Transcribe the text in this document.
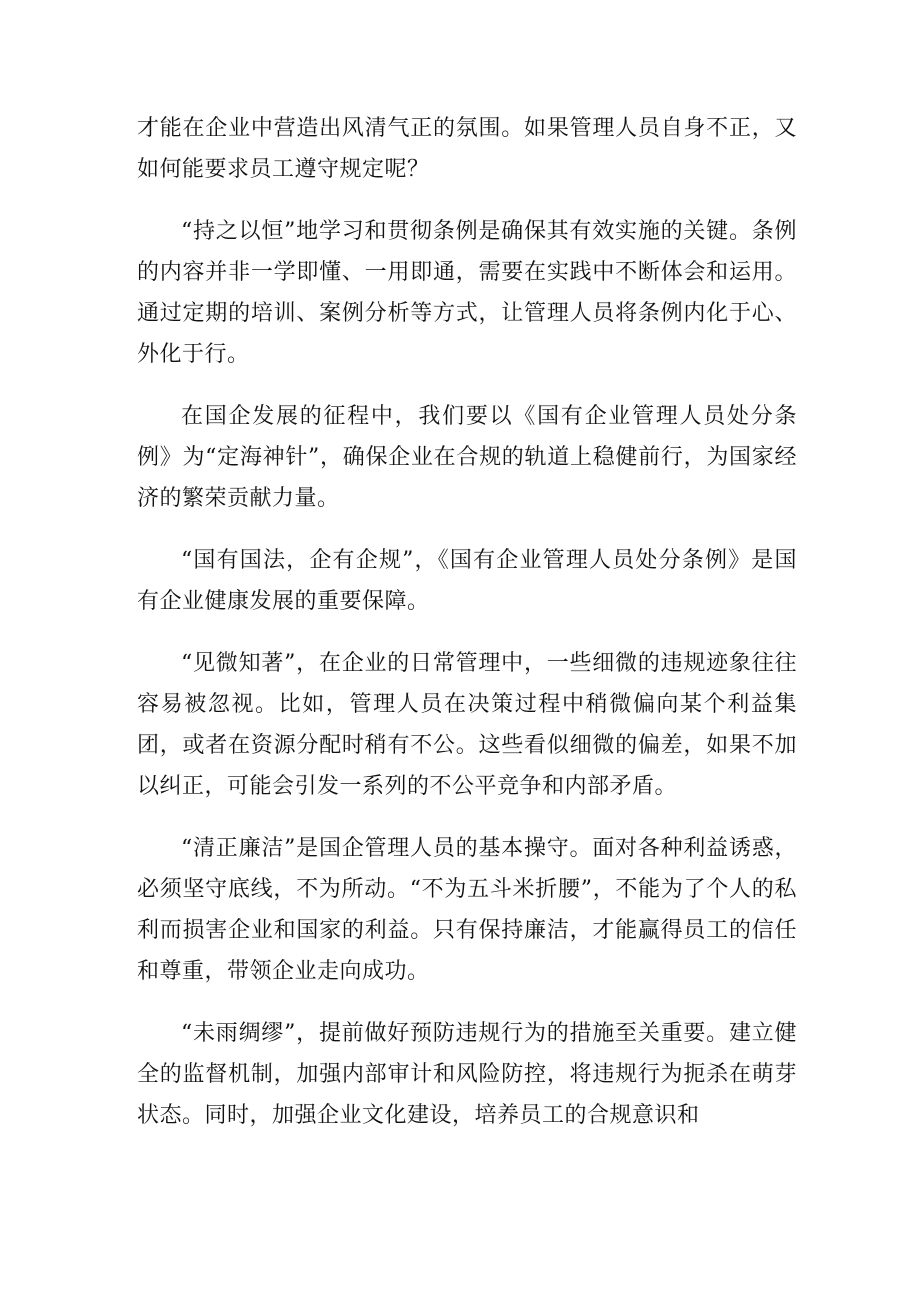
才能在企业中营造出风清气正的氛围。如果管理人员自身不正，又如何能要求员工遵守规定呢？

“持之以恒”地学习和贯彻条例是确保其有效实施的关键。条例的内容并非一学即懂、一用即通，需要在实践中不断体会和运用。通过定期的培训、案例分析等方式，让管理人员将条例内化于心、外化于行。

在国企发展的征程中，我们要以《国有企业管理人员处分条例》为“定海神针”，确保企业在合规的轨道上稳健前行，为国家经济的繁荣贡献力量。

“国有国法，企有企规”，《国有企业管理人员处分条例》是国有企业健康发展的重要保障。

“见微知著”，在企业的日常管理中，一些细微的违规迹象往往容易被忽视。比如，管理人员在决策过程中稍微偏向某个利益集团，或者在资源分配时稍有不公。这些看似细微的偏差，如果不加以纠正，可能会引发一系列的不公平竞争和内部矛盾。

“清正廉洁”是国企管理人员的基本操守。面对各种利益诱惑，必须坚守底线，不为所动。“不为五斗米折腰”，不能为了个人的私利而损害企业和国家的利益。只有保持廉洁，才能赢得员工的信任和尊重，带领企业走向成功。

“未雨绸缪”，提前做好预防违规行为的措施至关重要。建立健全的监督机制，加强内部审计和风险防控，将违规行为扼杀在萌芽状态。同时，加强企业文化建设，培养员工的合规意识和
